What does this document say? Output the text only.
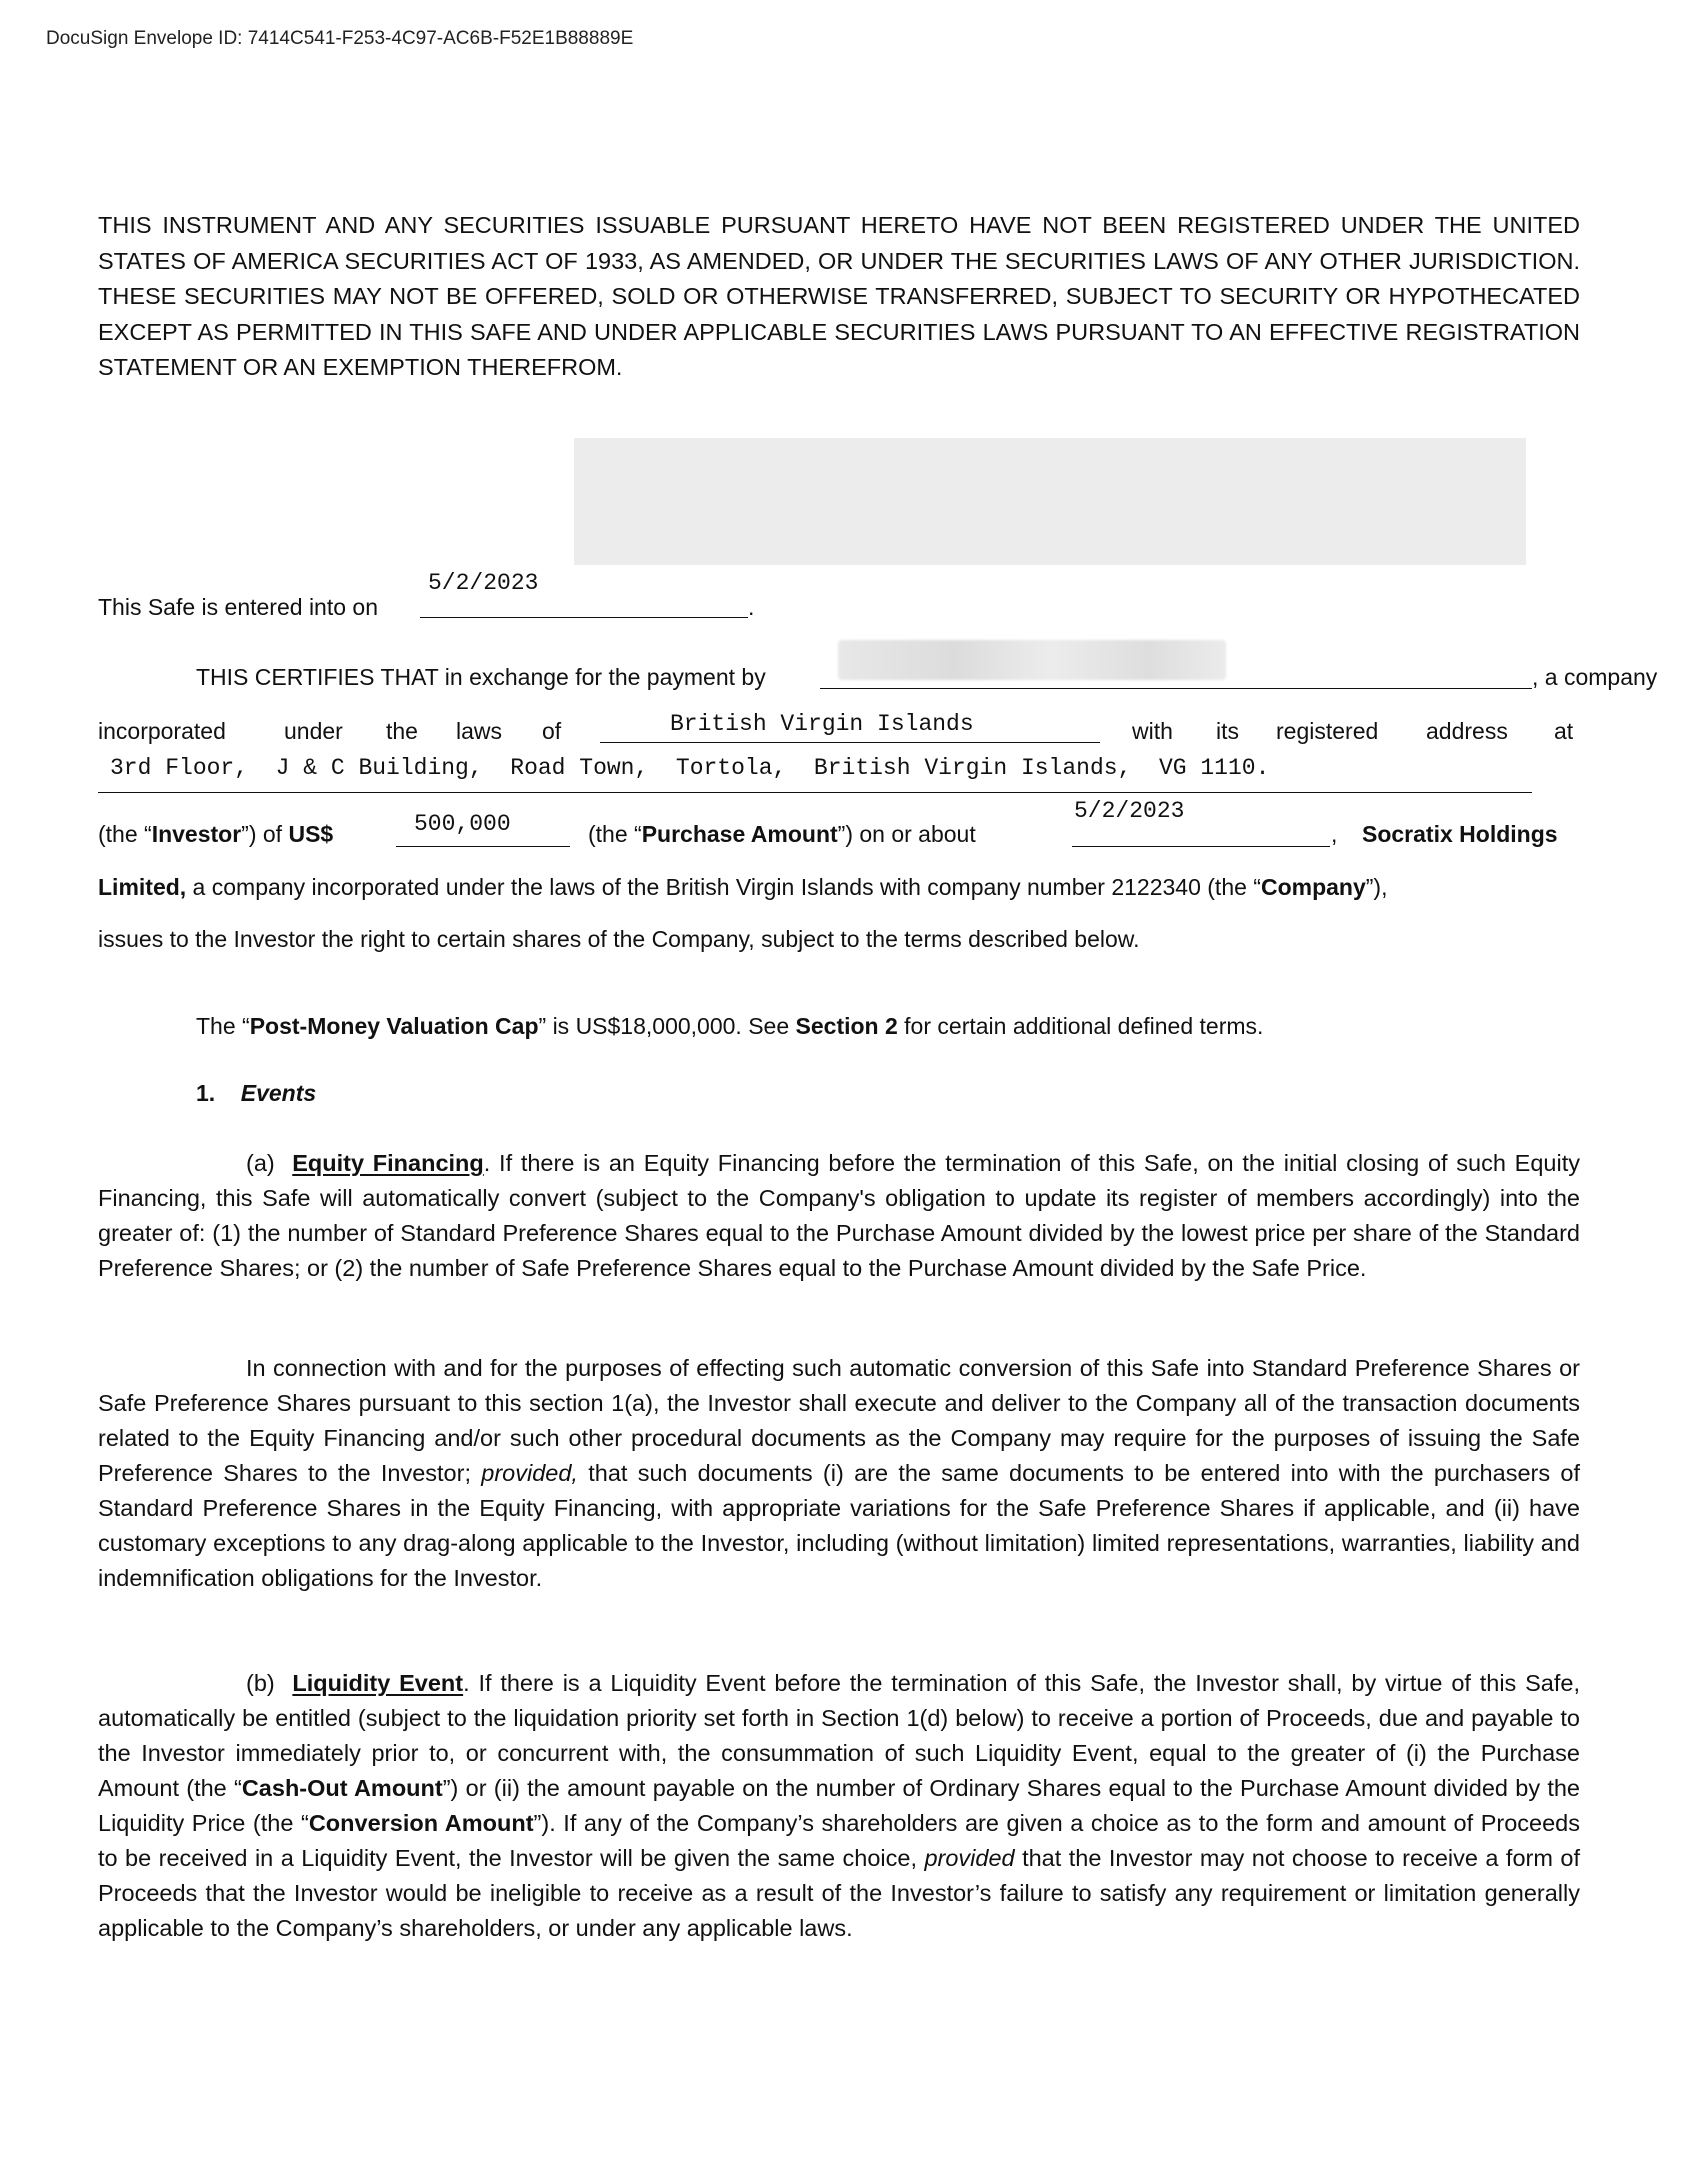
DocuSign Envelope ID: 7414C541-F253-4C97-AC6B-F52E1B88889E
THIS INSTRUMENT AND ANY SECURITIES ISSUABLE PURSUANT HERETO HAVE NOT BEEN REGISTERED UNDER THE UNITED STATES OF AMERICA SECURITIES ACT OF 1933, AS AMENDED, OR UNDER THE SECURITIES LAWS OF ANY OTHER JURISDICTION. THESE SECURITIES MAY NOT BE OFFERED, SOLD OR OTHERWISE TRANSFERRED, SUBJECT TO SECURITY OR HYPOTHECATED EXCEPT AS PERMITTED IN THIS SAFE AND UNDER APPLICABLE SECURITIES LAWS PURSUANT TO AN EFFECTIVE REGISTRATION STATEMENT OR AN EXEMPTION THEREFROM.
This Safe is entered into on
5/2/2023
.
THIS CERTIFIES THAT in exchange for the payment by	, a company
incorporated	under the laws of	British Virgin Islands	with its registered address at
3rd Floor,  J & C Building,  Road Town,  Tortola,  British Virgin Islands,  VG 1110.
(the “Investor”) of US$	500,000	(the “Purchase Amount”) on or about
5/2/2023
, Socratix Holdings
Limited, a company incorporated under the laws of the British Virgin Islands with company number 2122340 (the “Company”),
issues to the Investor the right to certain shares of the Company, subject to the terms described below.
The “Post-Money Valuation Cap” is US$18,000,000. See Section 2 for certain additional defined terms.
1. Events
(a) Equity Financing. If there is an Equity Financing before the termination of this Safe, on the initial closing of such Equity Financing, this Safe will automatically convert (subject to the Company's obligation to update its register of members accordingly) into the greater of: (1) the number of Standard Preference Shares equal to the Purchase Amount divided by the lowest price per share of the Standard Preference Shares; or (2) the number of Safe Preference Shares equal to the Purchase Amount divided by the Safe Price.
In connection with and for the purposes of effecting such automatic conversion of this Safe into Standard Preference Shares or Safe Preference Shares pursuant to this section 1(a), the Investor shall execute and deliver to the Company all of the transaction documents related to the Equity Financing and/or such other procedural documents as the Company may require for the purposes of issuing the Safe Preference Shares to the Investor; provided, that such documents (i) are the same documents to be entered into with the purchasers of Standard Preference Shares in the Equity Financing, with appropriate variations for the Safe Preference Shares if applicable, and (ii) have customary exceptions to any drag-along applicable to the Investor, including (without limitation) limited representations, warranties, liability and indemnification obligations for the Investor.
(b) Liquidity Event. If there is a Liquidity Event before the termination of this Safe, the Investor shall, by virtue of this Safe, automatically be entitled (subject to the liquidation priority set forth in Section 1(d) below) to receive a portion of Proceeds, due and payable to the Investor immediately prior to, or concurrent with, the consummation of such Liquidity Event, equal to the greater of (i) the Purchase Amount (the “Cash-Out Amount”) or (ii) the amount payable on the number of Ordinary Shares equal to the Purchase Amount divided by the Liquidity Price (the “Conversion Amount”). If any of the Company’s shareholders are given a choice as to the form and amount of Proceeds to be received in a Liquidity Event, the Investor will be given the same choice, provided that the Investor may not choose to receive a form of Proceeds that the Investor would be ineligible to receive as a result of the Investor’s failure to satisfy any requirement or limitation generally applicable to the Company’s shareholders, or under any applicable laws.
